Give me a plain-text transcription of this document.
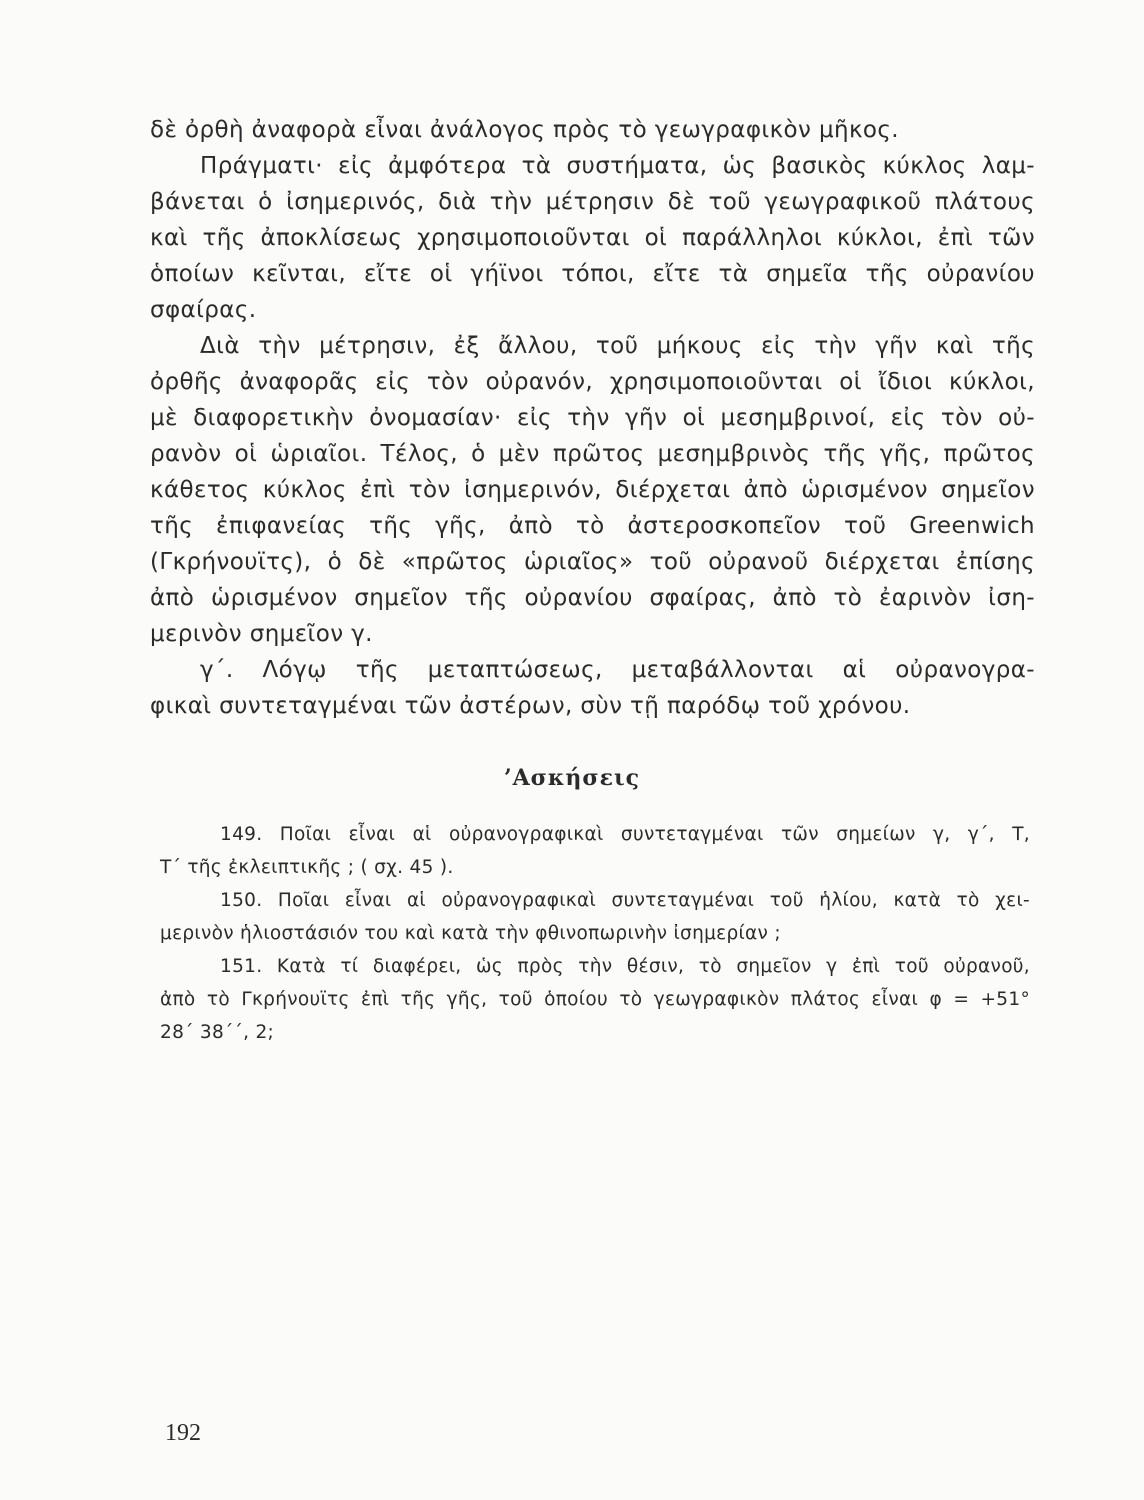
δὲ ὀρθὴ ἀναφορὰ εἶναι ἀνάλογος πρὸς τὸ γεωγραφικὸν μῆκος.
Πράγματι· εἰς ἀμφότερα τὰ συστήματα, ὡς βασικὸς κύκλος λαμ-
βάνεται ὁ ἰσημερινός, διὰ τὴν μέτρησιν δὲ τοῦ γεωγραφικοῦ πλάτους
καὶ τῆς ἀποκλίσεως χρησιμοποιοῦνται οἱ παράλληλοι κύκλοι, ἐπὶ τῶν
ὁποίων κεῖνται, εἴτε οἱ γήϊνοι τόποι, εἴτε τὰ σημεῖα τῆς οὐρανίου
σφαίρας.
Διὰ τὴν μέτρησιν, ἐξ ἄλλου, τοῦ μήκους εἰς τὴν γῆν καὶ τῆς
ὀρθῆς ἀναφορᾶς εἰς τὸν οὐρανόν, χρησιμοποιοῦνται οἱ ἴδιοι κύκλοι,
μὲ διαφορετικὴν ὀνομασίαν· εἰς τὴν γῆν οἱ μεσημβρινοί, εἰς τὸν οὐ-
ρανὸν οἱ ὡριαῖοι. Τέλος, ὁ μὲν πρῶτος μεσημβρινὸς τῆς γῆς, πρῶτος
κάθετος κύκλος ἐπὶ τὸν ἰσημερινόν, διέρχεται ἀπὸ ὡρισμένον σημεῖον
τῆς ἐπιφανείας τῆς γῆς, ἀπὸ τὸ ἀστεροσκοπεῖον τοῦ Greenwich
(Γκρήνουϊτς), ὁ δὲ «πρῶτος ὡριαῖος» τοῦ οὐρανοῦ διέρχεται ἐπίσης
ἀπὸ ὡρισμένον σημεῖον τῆς οὐρανίου σφαίρας, ἀπὸ τὸ ἐαρινὸν ἰση-
μερινὸν σημεῖον γ.
γ΄. Λόγῳ τῆς μεταπτώσεως, μεταβάλλονται αἱ οὐρανογρα-
φικαὶ συντεταγμέναι τῶν ἀστέρων, σὺν τῇ παρόδῳ τοῦ χρόνου.
’Ασκήσεις
149. Ποῖαι εἶναι αἱ οὐρανογραφικαὶ συντεταγμέναι τῶν σημείων γ, γ΄, Τ,
Τ΄ τῆς ἐκλειπτικῆς ; ( σχ. 45 ).
150. Ποῖαι εἶναι αἱ οὐρανογραφικαὶ συντεταγμέναι τοῦ ἡλίου, κατὰ τὸ χει-
μερινὸν ἡλιοστάσιόν του καὶ κατὰ τὴν φθινοπωρινὴν ἰσημερίαν ;
151. Κατὰ τί διαφέρει, ὡς πρὸς τὴν θέσιν, τὸ σημεῖον γ ἐπὶ τοῦ οὐρανοῦ,
ἀπὸ τὸ Γκρήνουϊτς ἐπὶ τῆς γῆς, τοῦ ὁποίου τὸ γεωγραφικὸν πλάτος εἶναι φ = +51°
28΄ 38΄΄, 2;
192
